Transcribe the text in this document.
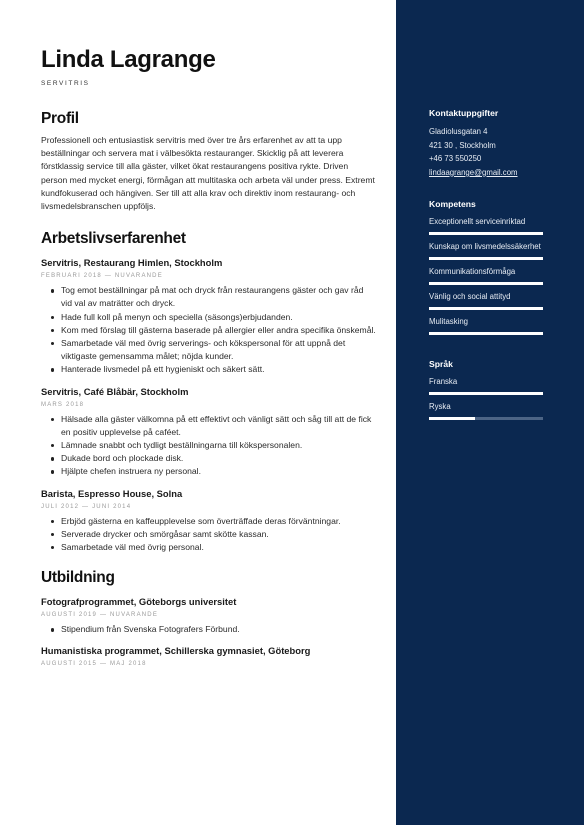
Linda Lagrange
SERVITRIS
Profil

Professionell och entusiastisk servitris med över tre års erfarenhet av att ta upp beställningar och servera mat i välbesökta restauranger. Skicklig på att leverera förstklassig service till alla gäster, vilket ökat restaurangens positiva rykte. Driven person med mycket energi, förmågan att multitaska och arbeta väl under press. Extremt kundfokuserad och hängiven. Ser till att alla krav och direktiv inom restaurang- och livsmedelsbranschen uppföljs.

Arbetslivserfarenhet
Servitris, Restaurang Himlen, Stockholm
FEBRUARI 2018 — NUVARANDE
Tog emot beställningar på mat och dryck från restaurangens gäster och gav råd vid val av maträtter och dryck.
Hade full koll på menyn och speciella (säsongs)erbjudanden.
Kom med förslag till gästerna baserade på allergier eller andra specifika önskemål.
Samarbetade väl med övrig serverings- och kökspersonal för att uppnå det viktigaste gemensamma målet; nöjda kunder.
Hanterade livsmedel på ett hygieniskt och säkert sätt.
Servitris, Café Blåbär, Stockholm
MARS 2018
Hälsade alla gäster välkomna på ett effektivt och vänligt sätt och såg till att de fick en positiv upplevelse på caféet.
Lämnade snabbt och tydligt beställningarna till kökspersonalen.
Dukade bord och plockade disk.
Hjälpte chefen instruera ny personal.
Barista, Espresso House, Solna
JULI 2012 — JUNI 2014
Erbjöd gästerna en kaffeupplevelse som överträffade deras förväntningar.
Serverade drycker och smörgåsar samt skötte kassan.
Samarbetade väl med övrig personal.
Utbildning
Fotografprogrammet, Göteborgs universitet
AUGUSTI 2019 — NUVARANDE
Stipendium från Svenska Fotografers Förbund.
Humanistiska programmet, Schillerska gymnasiet, Göteborg
AUGUSTI 2015 — MAJ 2018
Kontaktuppgifter
Gladiolusgatan 4
421 30 , Stockholm
+46 73 550250
lindaagrange@gmail.com
Kompetens
Exceptionellt serviceinriktad
Kunskap om livsmedelssäkerhet
Kommunikationsförmåga
Vänlig och social attityd
Mulitasking
Språk
Franska
Ryska
